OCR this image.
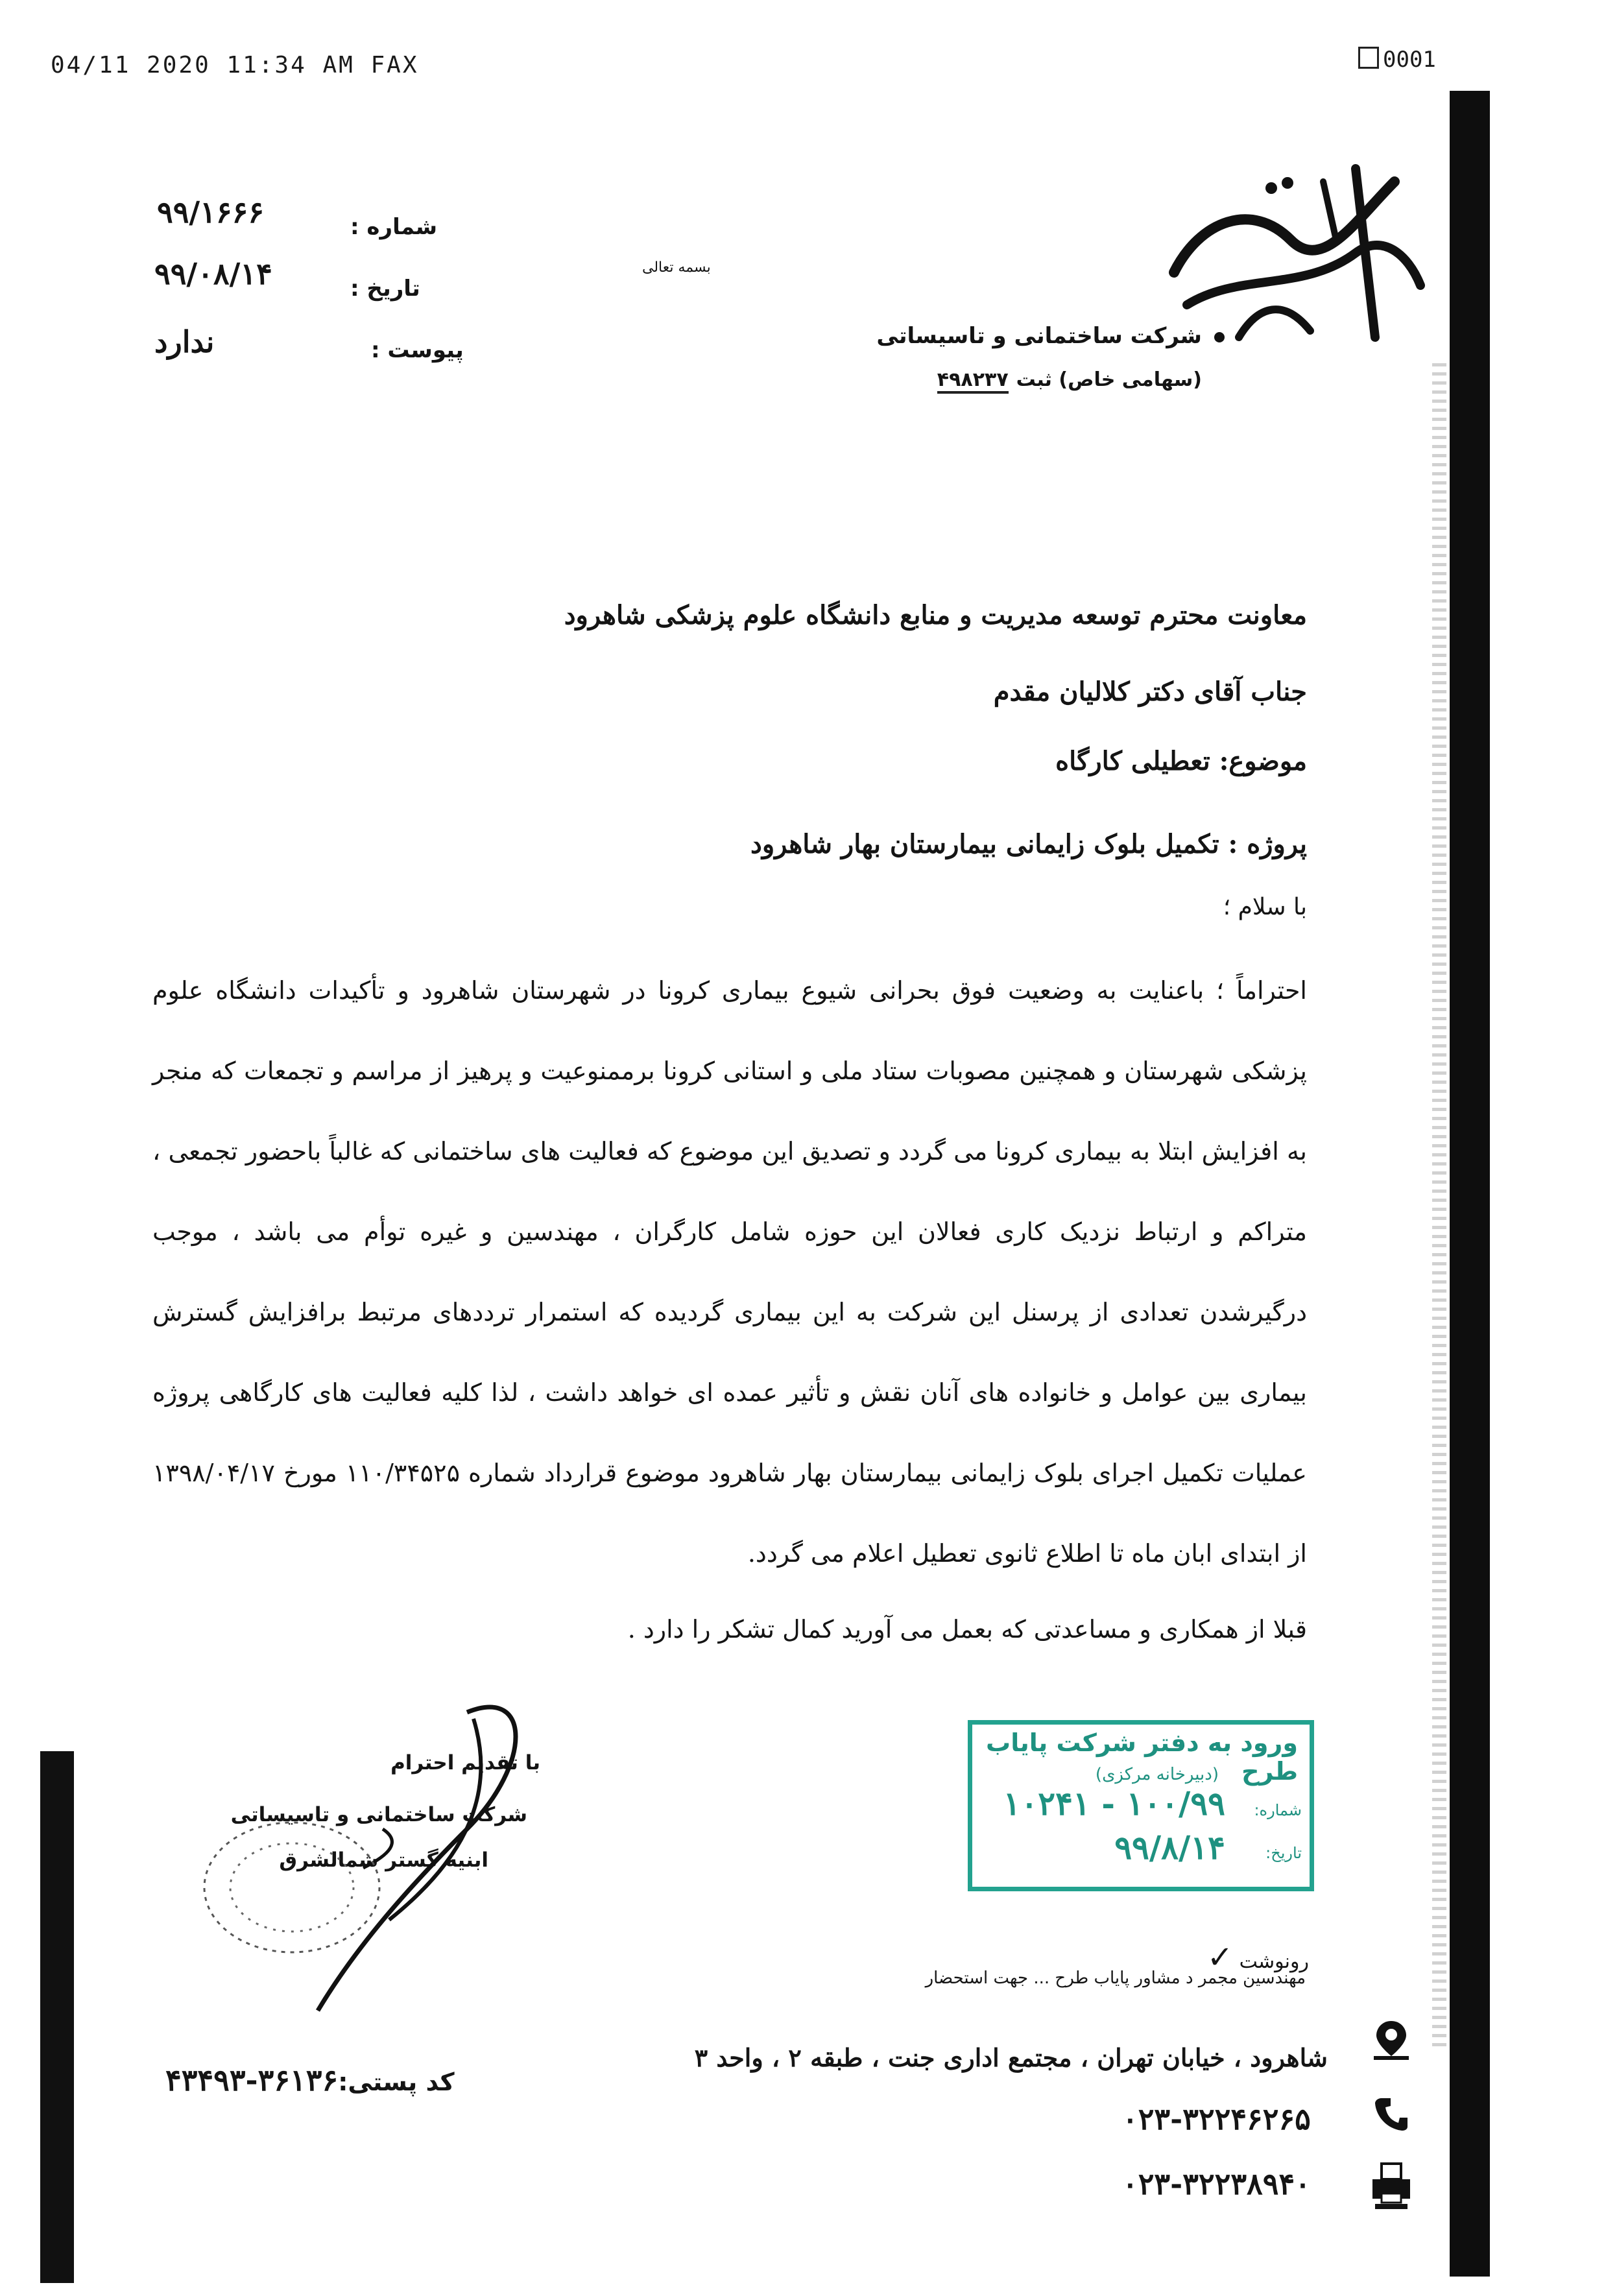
04/11 2020 11:34 AM FAX	0001
شرکت ساختمانی و تاسیساتی
(سهامی خاص) ثبت۴۹۸۲۳۷
بسمه تعالی
شماره :
۹۹/۱۶۶۶
تاریخ :
۹۹/۰۸/۱۴
پیوست :
ندارد
معاونت محترم توسعه مدیریت و منابع دانشگاه علوم پزشکی شاهرود
جناب آقای دکتر کلالیان مقدم
موضوع: تعطیلی کارگاه
پروژه : تکمیل بلوک زایمانی بیمارستان بهار شاهرود
با سلام ؛
احتراماً ؛ باعنایت به وضعیت فوق بحرانی شیوع بیماری کرونا در شهرستان شاهرود و تأکیدات دانشگاه علوم پزشکی شهرستان و همچنین مصوبات ستاد ملی و استانی کرونا برممنوعیت و پرهیز از مراسم و تجمعات که منجر به افزایش ابتلا به بیماری کرونا می گردد و تصدیق این موضوع که فعالیت های ساختمانی که غالباً باحضور تجمعی ، متراکم و ارتباط نزدیک کاری فعالان این حوزه شامل کارگران ، مهندسین و غیره توأم می باشد ، موجب درگیرشدن تعدادی از پرسنل این شرکت به این بیماری گردیده که استمرار ترددهای مرتبط برافزایش گسترش بیماری بین عوامل و خانواده های آنان نقش و تأثیر عمده ای خواهد داشت ، لذا کلیه فعالیت های کارگاهی پروژه عملیات تکمیل اجرای بلوک زایمانی بیمارستان بهار شاهرود موضوع قرارداد شماره ۱۱۰/۳۴۵۲۵ مورخ ۱۳۹۸/۰۴/۱۷ از ابتدای ابان ماه تا اطلاع ثانوی تعطیل اعلام می گردد.
قبلا از همکاری و مساعدتی که بعمل می آورید کمال تشکر را دارد .
با تقدیم احترام
شرکت ساختمانی و تاسیساتی
ابنیه گستر شمالشرق
ورود به دفتر شرکت پایاب طرح
(دبیرخانه مرکزی)
شماره:
۱۰۰/۹۹ - ۱۰۲۴۱
تاریخ:
۹۹/۸/۱۴
رونوشت ✓
مهندسین مجمر د مشاور پایاب طرح ... جهت استحضار
شاهرود ، خیابان تهران ، مجتمع اداری جنت ، طبقه ۲ ، واحد ۳
کد پستی:۳۶۱۳۶-۴۳۴۹۳
۰۲۳-۳۲۲۴۶۲۶۵
۰۲۳-۳۲۲۳۸۹۴۰
